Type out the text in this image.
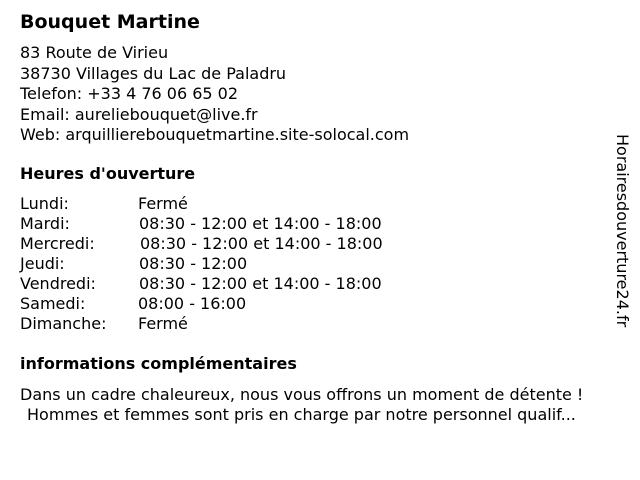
Bouquet Martine
83 Route de Virieu
38730 Villages du Lac de Paladru
Telefon: +33 4 76 06 65 02
Email: aureliebouquet@live.fr
Web: arquillierebouquetmartine.site-solocal.com
Heures d'ouverture
Lundi:	Fermé
Mardi:	08:30 - 12:00 et 14:00 - 18:00
Mercredi:	08:30 - 12:00 et 14:00 - 18:00
Jeudi:	08:30 - 12:00
Vendredi:	08:30 - 12:00 et 14:00 - 18:00
Samedi:	08:00 - 16:00
Dimanche: Fermé
informations complémentaires
Dans un cadre chaleureux, nous vous offrons un moment de détente !
Hommes et femmes sont pris en charge par notre personnel qualif...
Horairesdouverture24.fr
